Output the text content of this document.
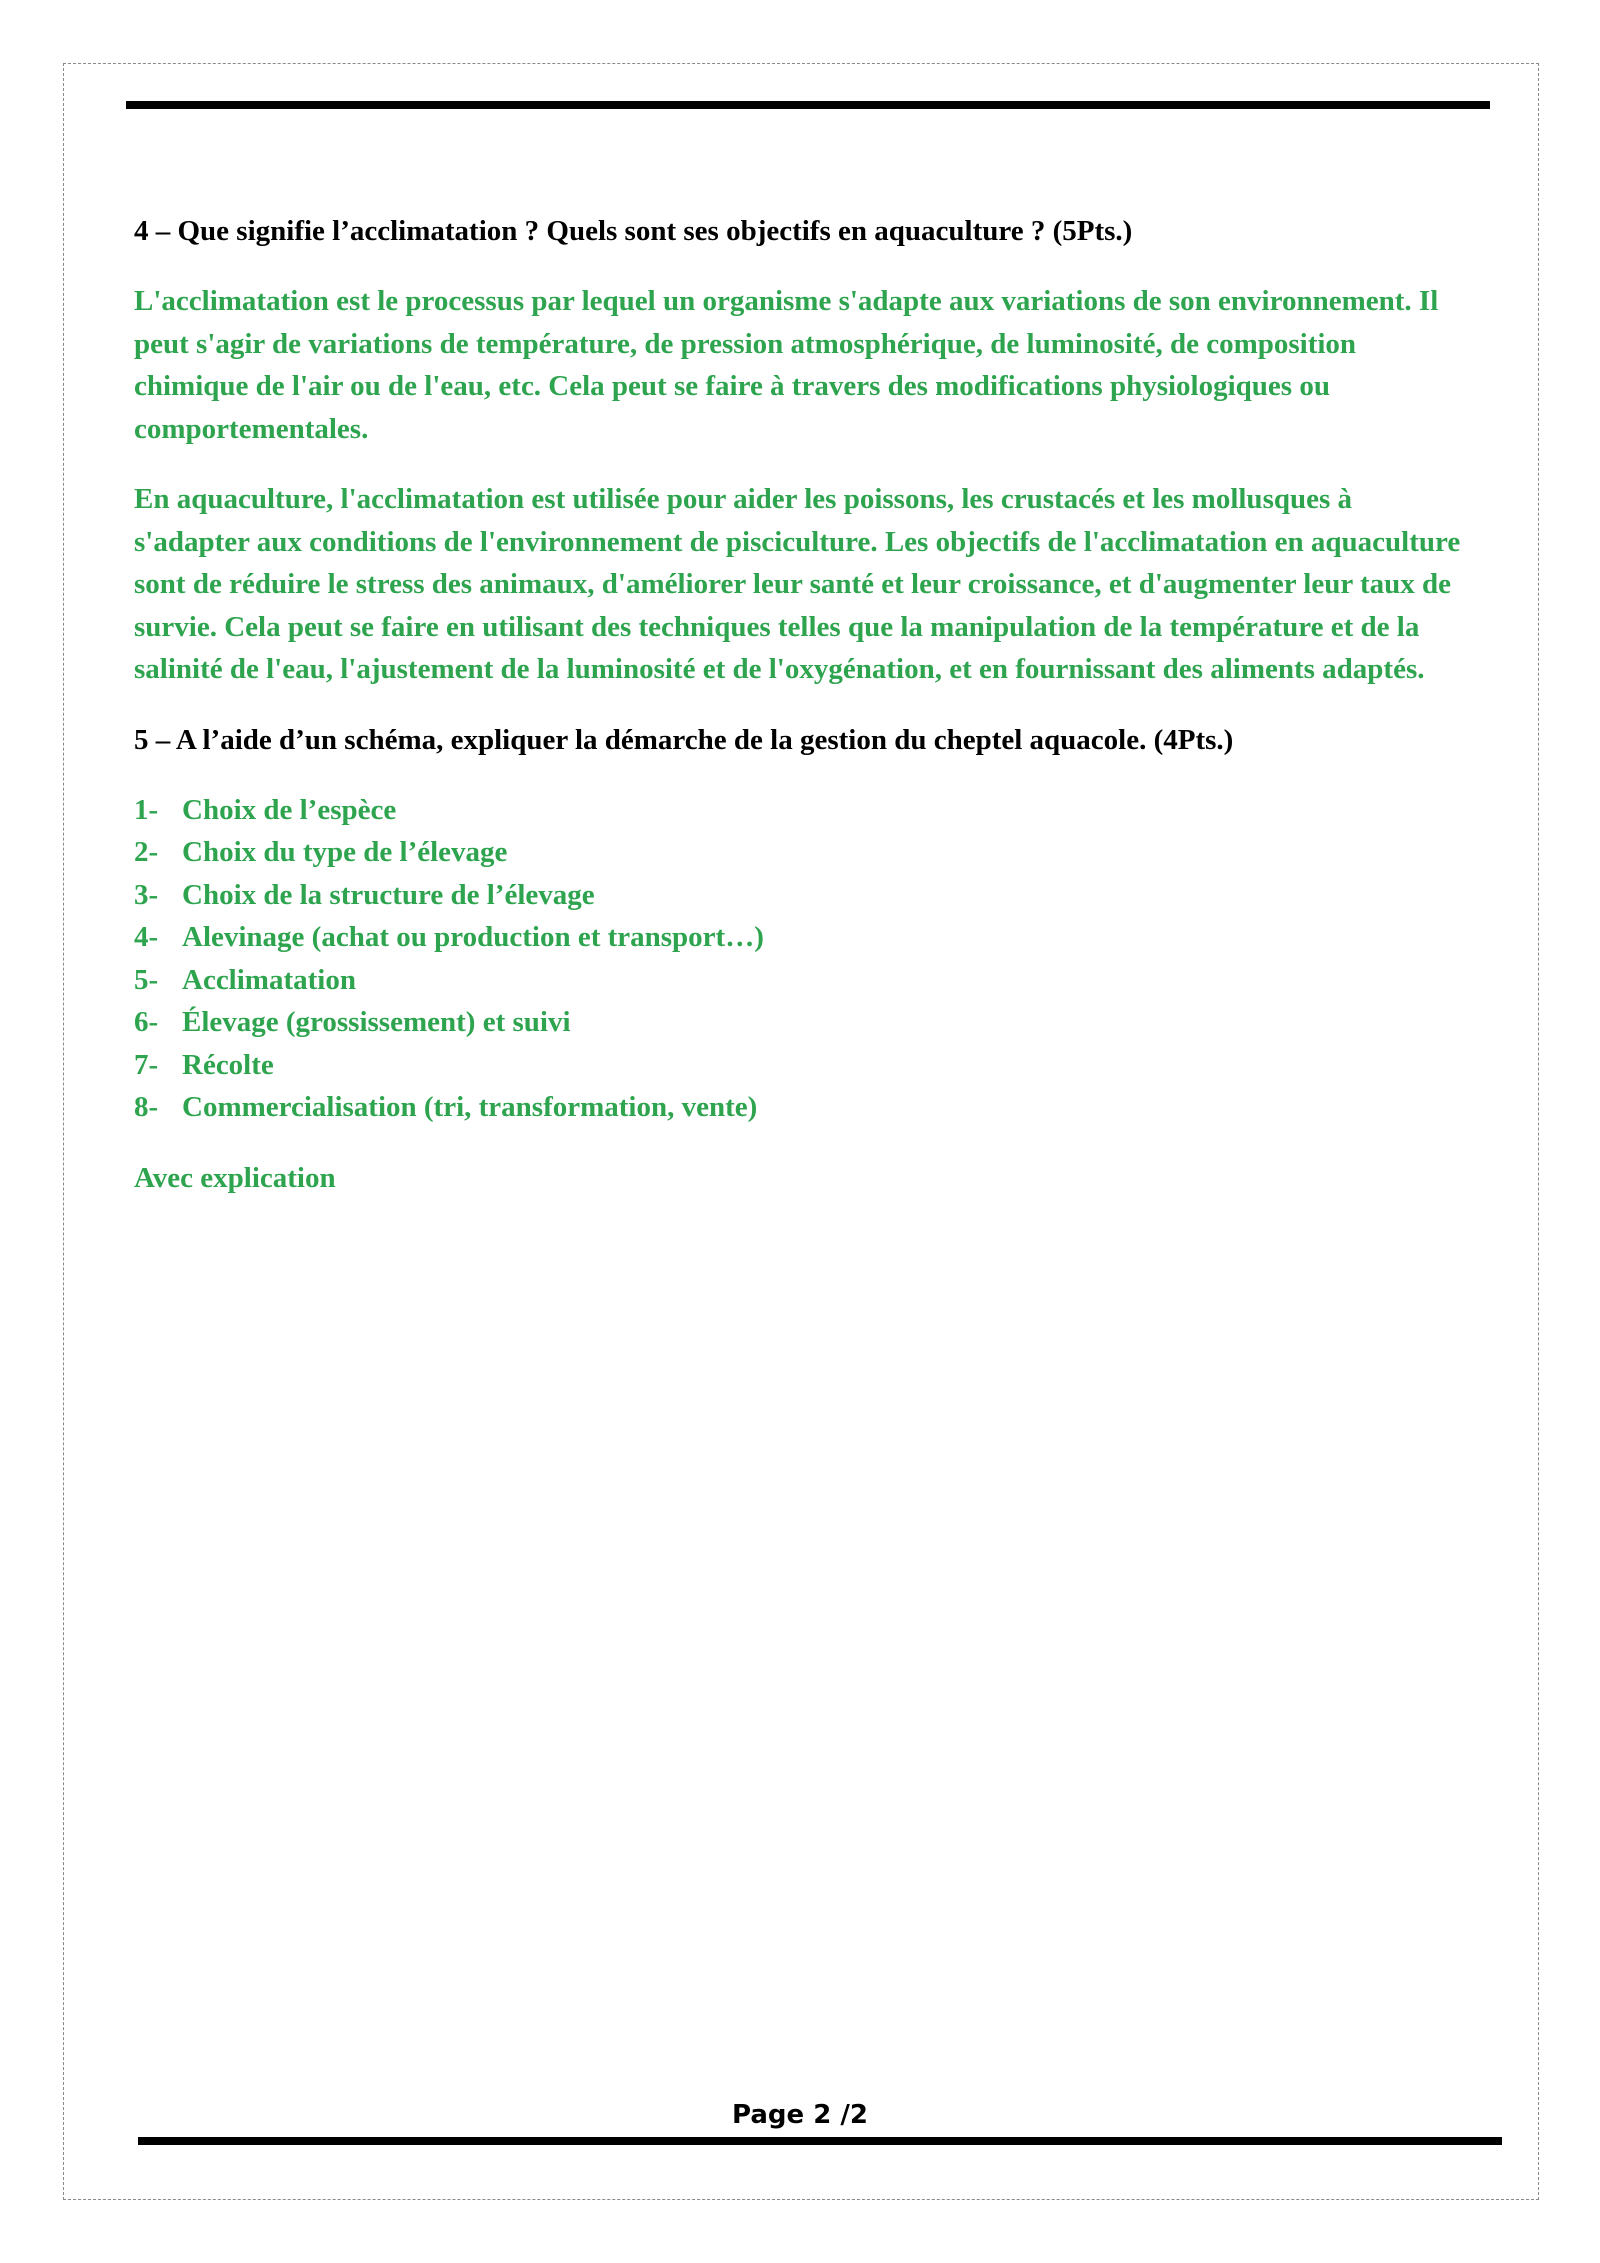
4 – Que signifie l’acclimatation ? Quels sont ses objectifs en aquaculture ? (5Pts.)

L'acclimatation est le processus par lequel un organisme s'adapte aux variations de son environnement. Il peut s'agir de variations de température, de pression atmosphérique, de luminosité, de composition chimique de l'air ou de l'eau, etc. Cela peut se faire à travers des modifications physiologiques ou comportementales.

En aquaculture, l'acclimatation est utilisée pour aider les poissons, les crustacés et les mollusques à s'adapter aux conditions de l'environnement de pisciculture. Les objectifs de l'acclimatation en aquaculture sont de réduire le stress des animaux, d'améliorer leur santé et leur croissance, et d'augmenter leur taux de survie. Cela peut se faire en utilisant des techniques telles que la manipulation de la température et de la salinité de l'eau, l'ajustement de la luminosité et de l'oxygénation, et en fournissant des aliments adaptés.

5 – A l’aide d’un schéma, expliquer la démarche de la gestion du cheptel aquacole. (4Pts.)

1- Choix de l’espèce
2- Choix du type de l’élevage
3- Choix de la structure de l’élevage
4- Alevinage (achat ou production et transport…)
5- Acclimatation
6- Élevage (grossissement) et suivi
7- Récolte
8- Commercialisation (tri, transformation, vente)

Avec explication

Page 2 /2
